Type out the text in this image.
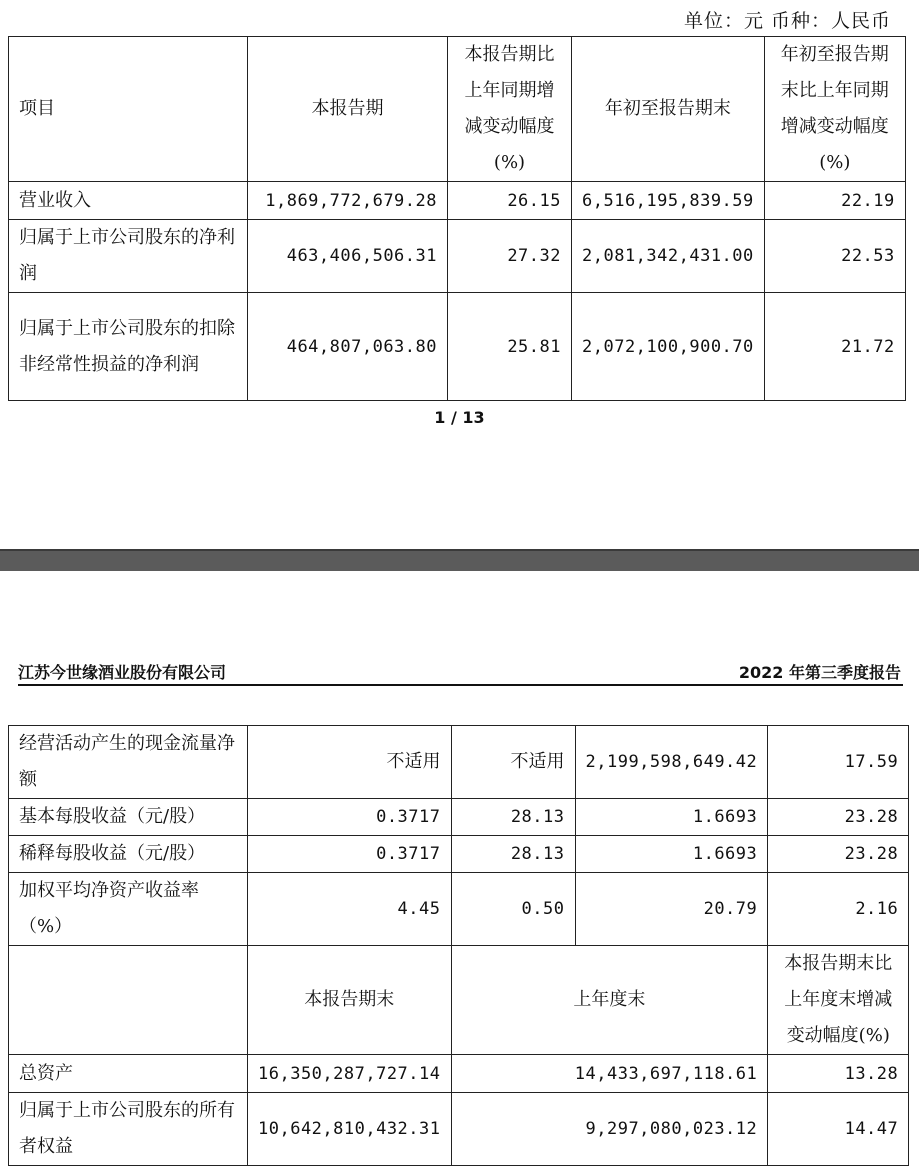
单位：元 币种：人民币
项目	本报告期	本报告期比上年同期增减变动幅度(%)	年初至报告期末	年初至报告期末比上年同期增减变动幅度(%)
营业收入	1,869,772,679.28	26.15	6,516,195,839.59	22.19
归属于上市公司股东的净利润	463,406,506.31	27.32	2,081,342,431.00	22.53
归属于上市公司股东的扣除非经常性损益的净利润	464,807,063.80	25.81	2,072,100,900.70	21.72
1 / 13
江苏今世缘酒业股份有限公司	2022 年第三季度报告
经营活动产生的现金流量净额	不适用	不适用	2,199,598,649.42	17.59
基本每股收益（元/股）	0.3717	28.13	1.6693	23.28
稀释每股收益（元/股）	0.3717	28.13	1.6693	23.28
加权平均净资产收益率（%）	4.45	0.50	20.79	2.16
	本报告期末	上年度末		本报告期末比上年度末增减变动幅度(%)
总资产	16,350,287,727.14	14,433,697,118.61		13.28
归属于上市公司股东的所有者权益	10,642,810,432.31	9,297,080,023.12		14.47
